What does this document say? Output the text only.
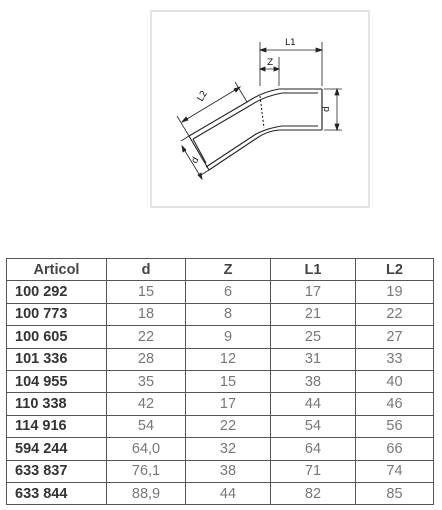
L1
Z
d
L2
d
Articol	d	Z	L1	L2
100 292	15	6	17	19
100 773	18	8	21	22
100 605	22	9	25	27
101 336	28	12	31	33
104 955	35	15	38	40
110 338	42	17	44	46
114 916	54	22	54	56
594 244	64,0	32	64	66
633 837	76,1	38	71	74
633 844	88,9	44	82	85
